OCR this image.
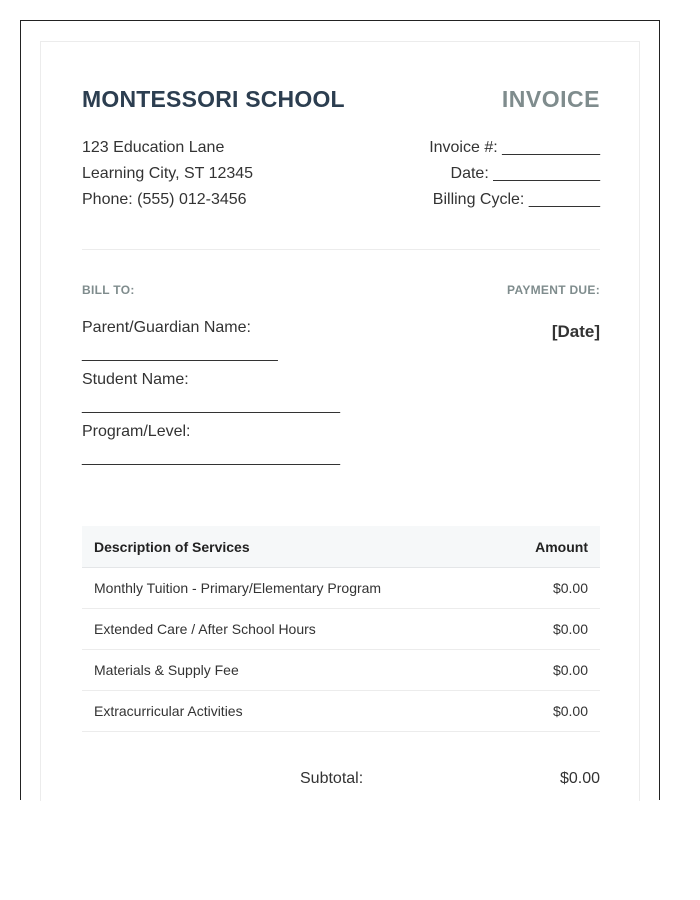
MONTESSORI SCHOOL	INVOICE
123 Education Lane
Learning City, ST 12345
Phone: (555) 012-3456
Invoice #: ___________
Date: ____________
Billing Cycle: ________
BILL TO:	PAYMENT DUE:
[Date]
Parent/Guardian Name:
______________________
Student Name:
_____________________________
Program/Level:
_____________________________
Description of Services	Amount
Monthly Tuition - Primary/Elementary Program	$0.00
Extended Care / After School Hours	$0.00
Materials & Supply Fee	$0.00
Extracurricular Activities	$0.00
Subtotal:	$0.00
